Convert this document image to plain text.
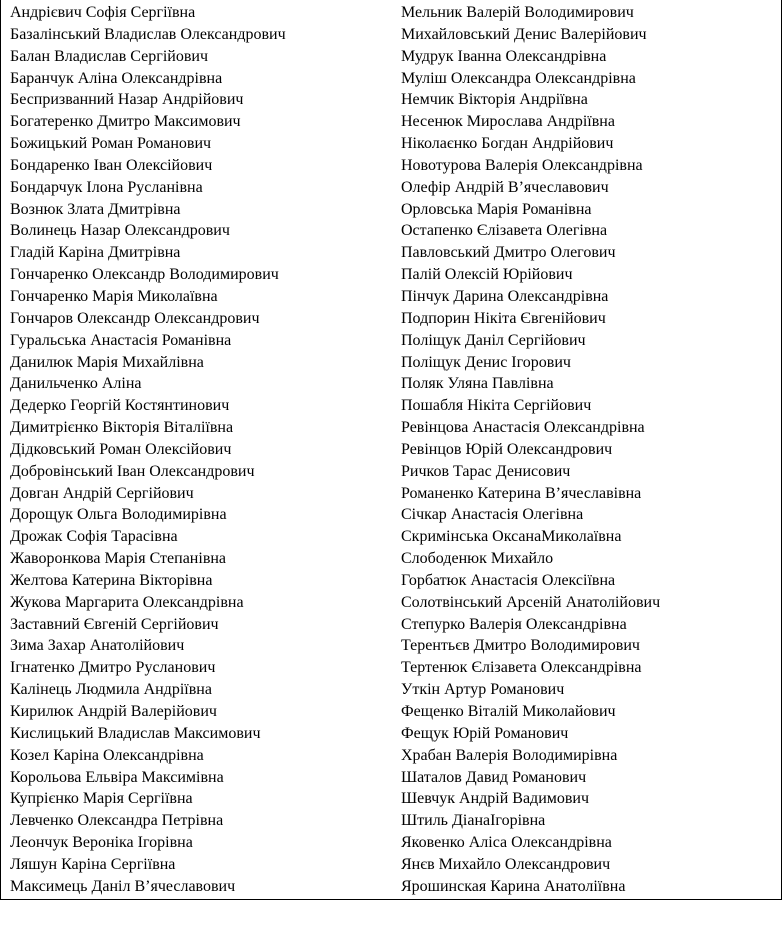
Андрієвич Софія Сергіївна
Базалінський Владислав Олександрович
Балан Владислав Сергійович
Баранчук Аліна Олександрівна
Беспризванний Назар Андрійович
Богатеренко Дмитро Максимович
Божицький Роман Романович
Бондаренко Іван Олексійович
Бондарчук Ілона Русланівна
Вознюк Злата Дмитрівна
Волинець Назар Олександрович
Гладій Каріна Дмитрівна
Гончаренко Олександр Володимирович
Гончаренко Марія Миколаївна
Гончаров Олександр Олександрович
Гуральська Анастасія Романівна
Данилюк Марія Михайлівна
Данильченко Аліна
Дедерко Георгій Костянтинович
Димитрієнко Вікторія Віталіївна
Дідковський Роман Олексійович
Добровінський Іван Олександрович
Довган Андрій Сергійович
Дорощук Ольга Володимирівна
Дрожак Софія Тарасівна
Жаворонкова Марія Степанівна
Желтова Катерина Вікторівна
Жукова Маргарита Олександрівна
Заставний Євгеній Сергійович
Зима Захар Анатолійович
Ігнатенко Дмитро Русланович
Калінець Людмила Андріївна
Кирилюк Андрій Валерійович
Кислицький Владислав Максимович
Козел Каріна Олександрівна
Корольова Ельвіра Максимівна
Купрієнко Марія Сергіївна
Левченко Олександра Петрівна
Леончук Вероніка Ігорівна
Ляшун Каріна Сергіївна
Максимець Даніл В’ячеславович
Мельник Валерій Володимирович
Михайловський Денис Валерійович
Мудрук Іванна Олександрівна
Муліш Олександра Олександрівна
Немчик Вікторія Андріївна
Несенюк Мирослава Андріївна
Ніколаєнко Богдан Андрійович
Новотурова Валерія Олександрівна
Олефір Андрій В’ячеславович
Орловська Марія Романівна
Остапенко Єлізавета Олегівна
Павловський Дмитро Олегович
Палій Олексій Юрійович
Пінчук Дарина Олександрівна
Подпорин Нікіта Євгенійович
Поліщук Даніл Сергійович
Поліщук Денис Ігорович
Поляк Уляна Павлівна
Пошабля Нікіта Сергійович
Ревінцова Анастасія Олександрівна
Ревінцов Юрій Олександрович
Ричков Тарас Денисович
Романенко Катерина В’ячеславівна
Січкар Анастасія Олегівна
Скримінська ОксанаМиколаївна
Слободенюк Михайло
Горбатюк Анастасія Олексіївна
Солотвінський Арсеній Анатолійович
Степурко Валерія Олександрівна
Терентьєв Дмитро Володимирович
Тертенюк Єлізавета Олександрівна
Уткін Артур Романович
Фещенко Віталій Миколайович
Фещук Юрій Романович
Храбан Валерія Володимирівна
Шаталов Давид Романович
Шевчук Андрій Вадимович
Штиль ДіанаІгорівна
Яковенко Аліса Олександрівна
Янєв Михайло Олександрович
Ярошинская Карина Анатоліївна
